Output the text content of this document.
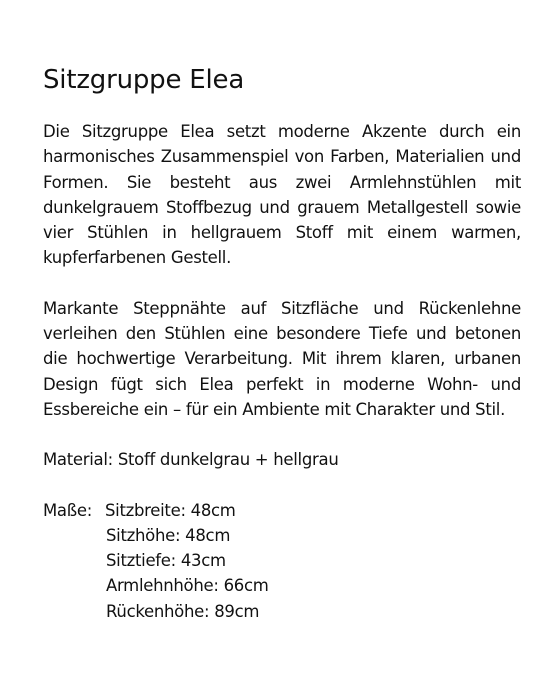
Sitzgruppe Elea

Die Sitzgruppe Elea setzt moderne Akzente durch ein harmonisches Zusammenspiel von Farben, Materialien und Formen. Sie besteht aus zwei Armlehnstühlen mit dunkelgrauem Stoffbezug und grauem Metallgestell sowie vier Stühlen in hellgrauem Stoff mit einem warmen, kupferfarbenen Gestell.

Markante Steppnähte auf Sitzfläche und Rückenlehne verleihen den Stühlen eine besondere Tiefe und betonen die hochwertige Verarbeitung. Mit ihrem klaren, urbanen Design fügt sich Elea perfekt in moderne Wohn- und Essbereiche ein – für ein Ambiente mit Charakter und Stil.

Material: Stoff dunkelgrau + hellgrau

Maße: Sitzbreite: 48cm
Sitzhöhe: 48cm
Sitztiefe: 43cm
Armlehnhöhe: 66cm
Rückenhöhe: 89cm
